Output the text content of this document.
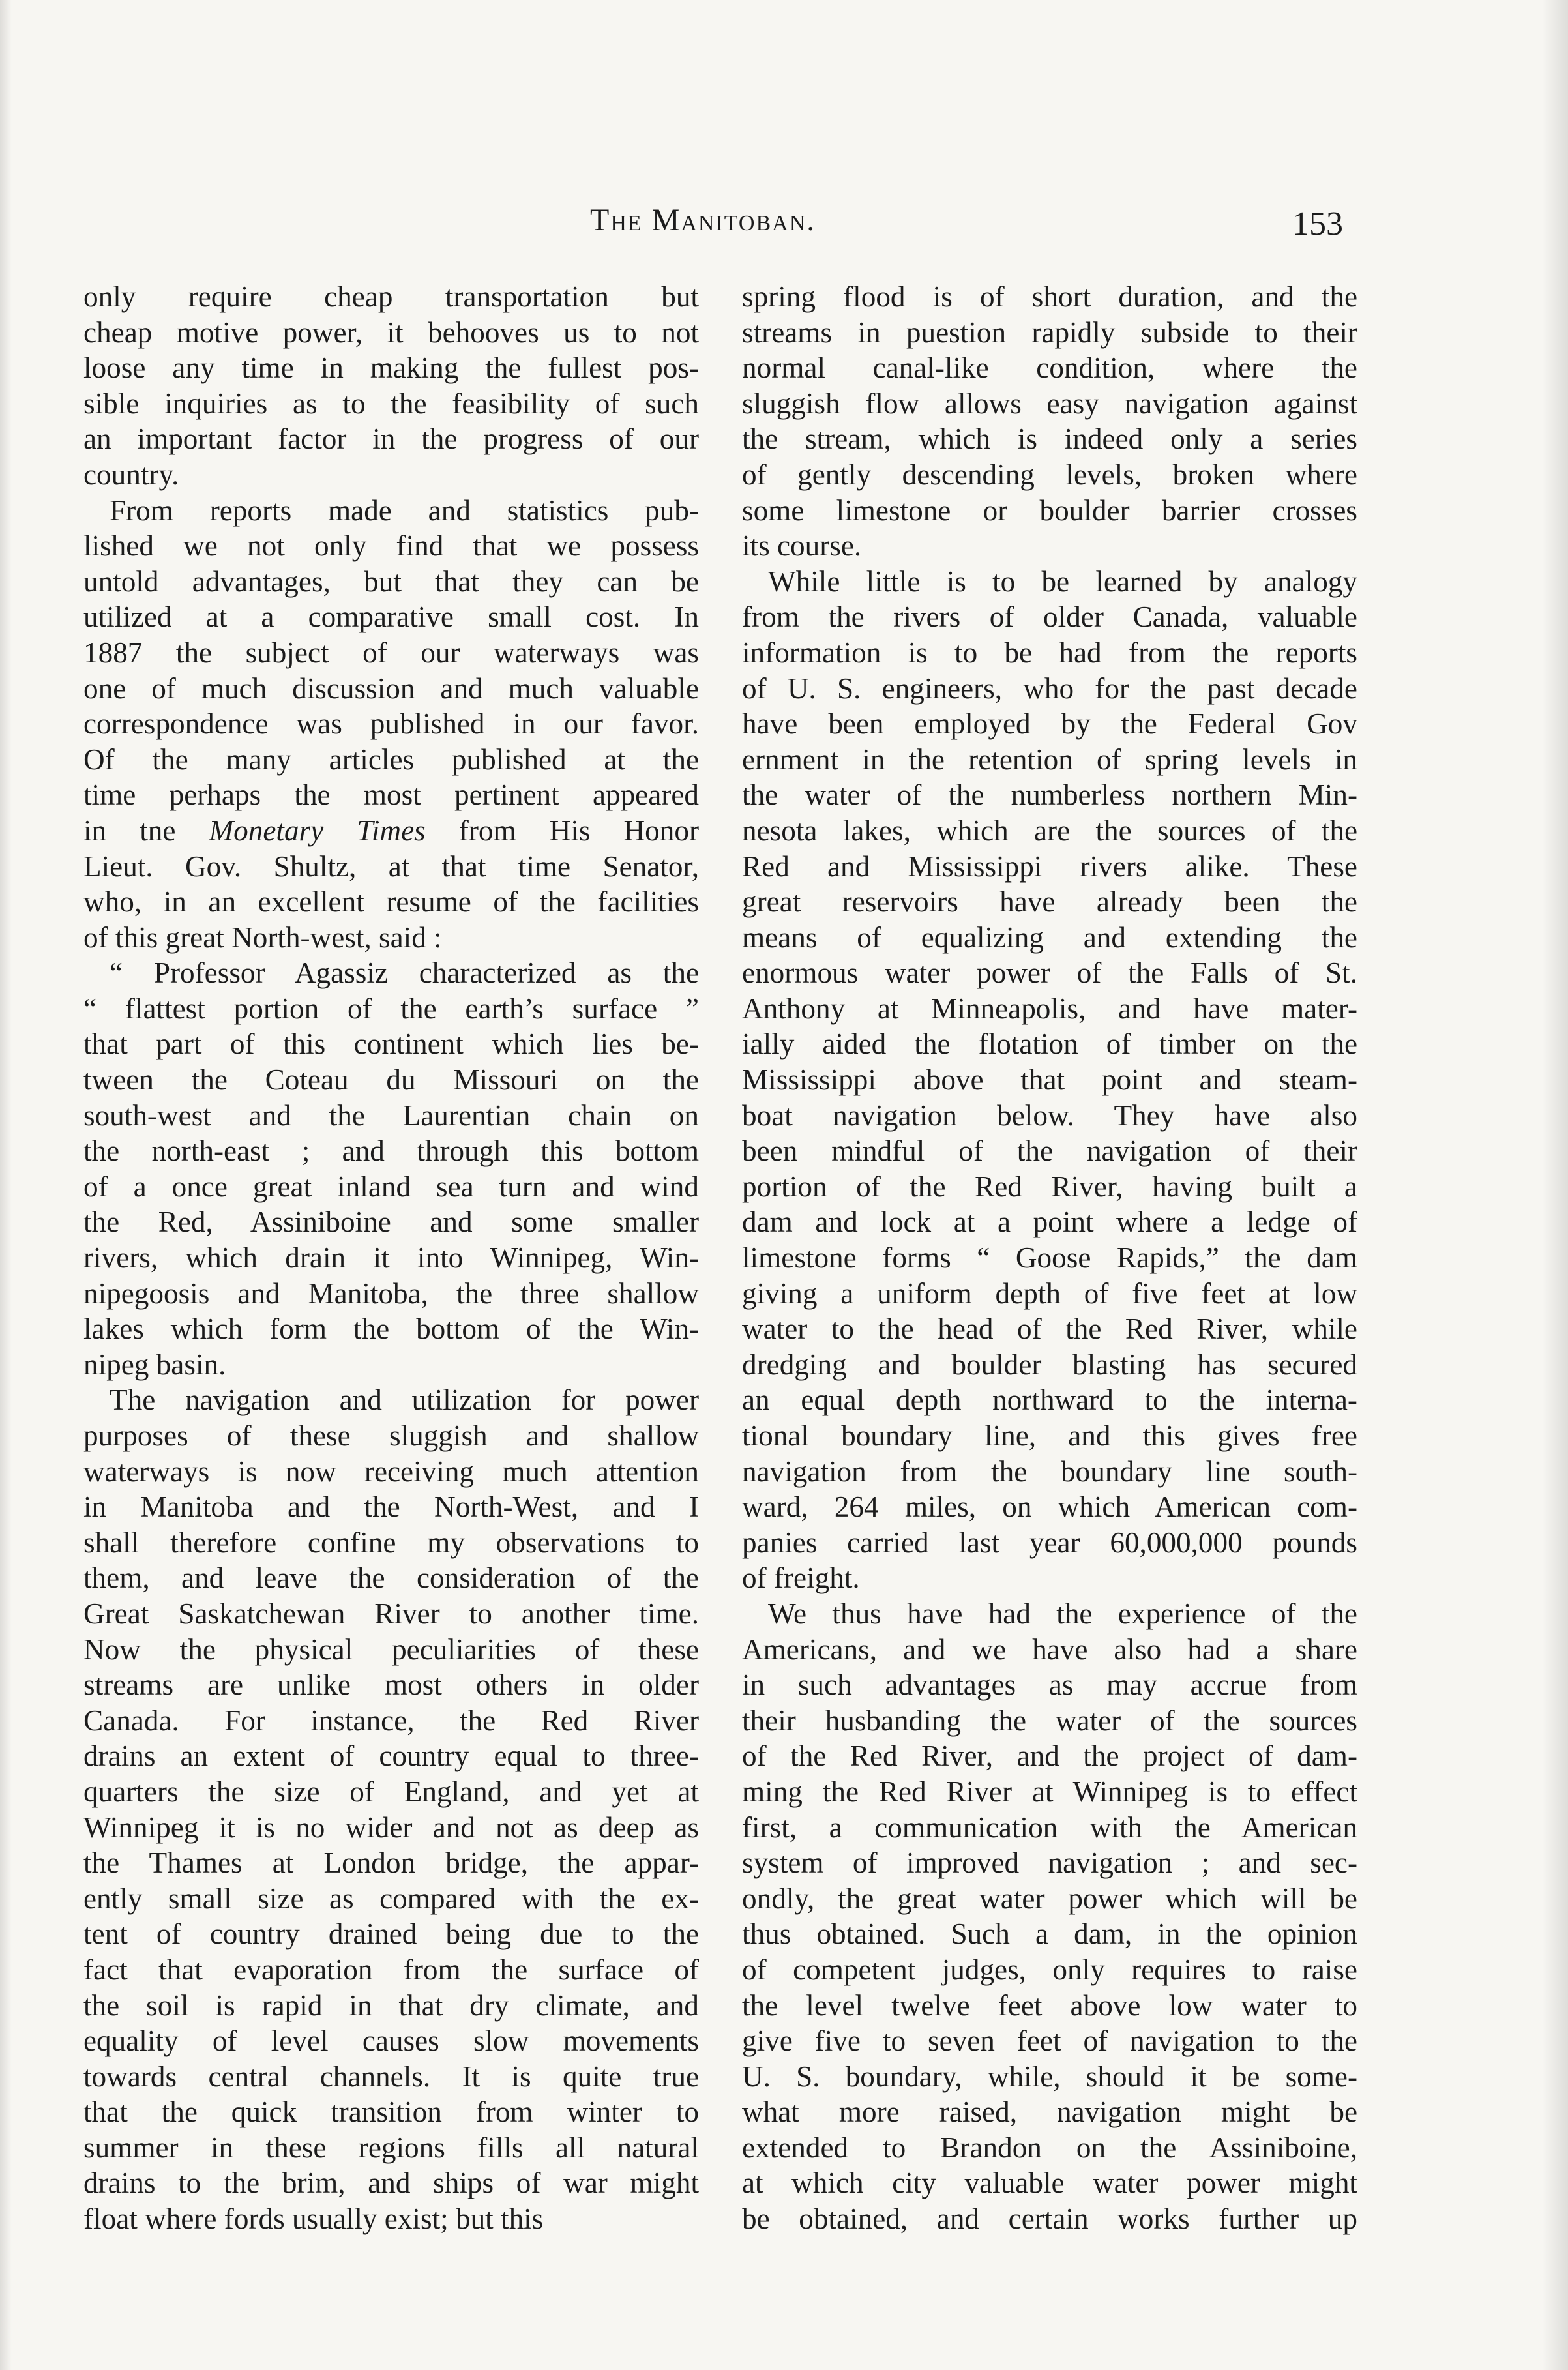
The Manitoban.	153
only require cheap transportation but
cheap motive power, it behooves us to not
loose any time in making the fullest pos-
sible inquiries as to the feasibility of such
an important factor in the progress of our
country.
From reports made and statistics pub-
lished we not only find that we possess
untold advantages, but that they can be
utilized at a comparative small cost. In
1887 the subject of our waterways was
one of much discussion and much valuable
correspondence was published in our favor.
Of the many articles published at the
time perhaps the most pertinent appeared
in tne Monetary Times from His Honor
Lieut. Gov. Shultz, at that time Senator,
who, in an excellent resume of the facilities
of this great North-west, said :
“ Professor Agassiz characterized as the
“ flattest portion of the earth’s surface ”
that part of this continent which lies be-
tween the Coteau du Missouri on the
south-west and the Laurentian chain on
the north-east ; and through this bottom
of a once great inland sea turn and wind
the Red, Assiniboine and some smaller
rivers, which drain it into Winnipeg, Win-
nipegoosis and Manitoba, the three shallow
lakes which form the bottom of the Win-
nipeg basin.
The navigation and utilization for power
purposes of these sluggish and shallow
waterways is now receiving much attention
in Manitoba and the North-West, and I
shall therefore confine my observations to
them, and leave the consideration of the
Great Saskatchewan River to another time.
Now the physical peculiarities of these
streams are unlike most others in older
Canada. For instance, the Red River
drains an extent of country equal to three-
quarters the size of England, and yet at
Winnipeg it is no wider and not as deep as
the Thames at London bridge, the appar-
ently small size as compared with the ex-
tent of country drained being due to the
fact that evaporation from the surface of
the soil is rapid in that dry climate, and
equality of level causes slow movements
towards central channels. It is quite true
that the quick transition from winter to
summer in these regions fills all natural
drains to the brim, and ships of war might
float where fords usually exist; but this
spring flood is of short duration, and the
streams in puestion rapidly subside to their
normal canal-like condition, where the
sluggish flow allows easy navigation against
the stream, which is indeed only a series
of gently descending levels, broken where
some limestone or boulder barrier crosses
its course.
While little is to be learned by analogy
from the rivers of older Canada, valuable
information is to be had from the reports
of U. S. engineers, who for the past decade
have been employed by the Federal Gov
ernment in the retention of spring levels in
the water of the numberless northern Min-
nesota lakes, which are the sources of the
Red and Mississippi rivers alike. These
great reservoirs have already been the
means of equalizing and extending the
enormous water power of the Falls of St.
Anthony at Minneapolis, and have mater-
ially aided the flotation of timber on the
Mississippi above that point and steam-
boat navigation below. They have also
been mindful of the navigation of their
portion of the Red River, having built a
dam and lock at a point where a ledge of
limestone forms “ Goose Rapids,” the dam
giving a uniform depth of five feet at low
water to the head of the Red River, while
dredging and boulder blasting has secured
an equal depth northward to the interna-
tional boundary line, and this gives free
navigation from the boundary line south-
ward, 264 miles, on which American com-
panies carried last year 60,000,000 pounds
of freight.
We thus have had the experience of the
Americans, and we have also had a share
in such advantages as may accrue from
their husbanding the water of the sources
of the Red River, and the project of dam-
ming the Red River at Winnipeg is to effect
first, a communication with the American
system of improved navigation ; and sec-
ondly, the great water power which will be
thus obtained. Such a dam, in the opinion
of competent judges, only requires to raise
the level twelve feet above low water to
give five to seven feet of navigation to the
U. S. boundary, while, should it be some-
what more raised, navigation might be
extended to Brandon on the Assiniboine,
at which city valuable water power might
be obtained, and certain works further up
